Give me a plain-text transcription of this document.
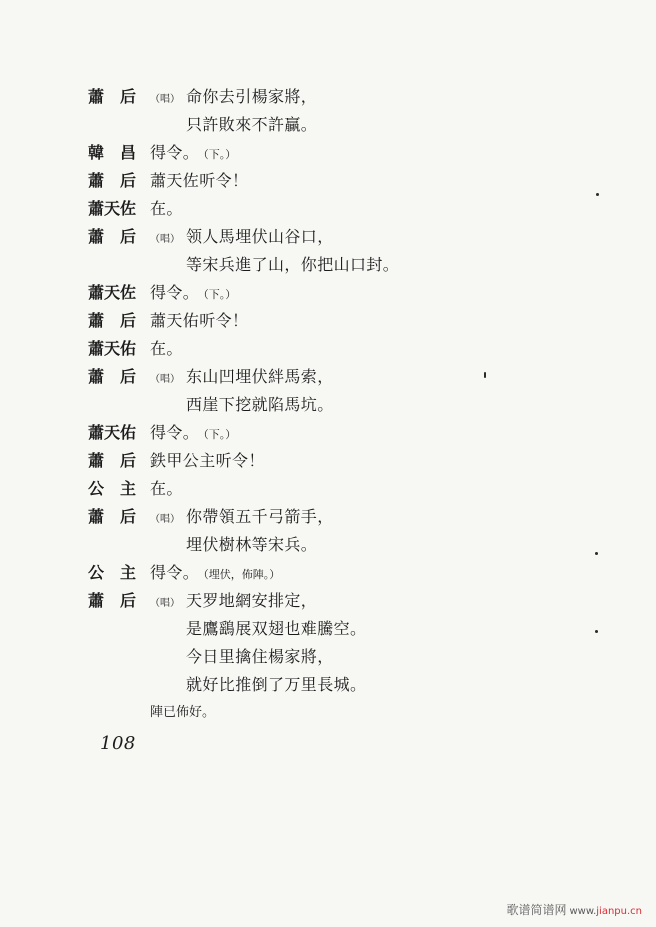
蕭后 （唱） 命你去引楊家將，
只許敗來不許贏。
韓昌 得令。 （下。）
蕭后 蕭天佐听令！
蕭天佐 在。
蕭后 （唱） 领人馬埋伏山谷口，
等宋兵進了山，你把山口封。
蕭天佐 得令。 （下。）
蕭后 蕭天佑听令！
蕭天佑 在。
蕭后 （唱） 东山凹埋伏絆馬索，
西崖下挖就陷馬坑。
蕭天佑 得令。 （下。）
蕭后 鉄甲公主听令！
公主 在。
蕭后 （唱） 你帶領五千弓箭手，
埋伏樹林等宋兵。
公主 得令。 （埋伏，佈陣。）
蕭后 （唱） 天罗地網安排定，
是鷹鷂展双翅也难騰空。
今日里擒住楊家將，
就好比推倒了万里長城。
陣已佈好。
108
歌谱简谱网 www.jianpu.cn
